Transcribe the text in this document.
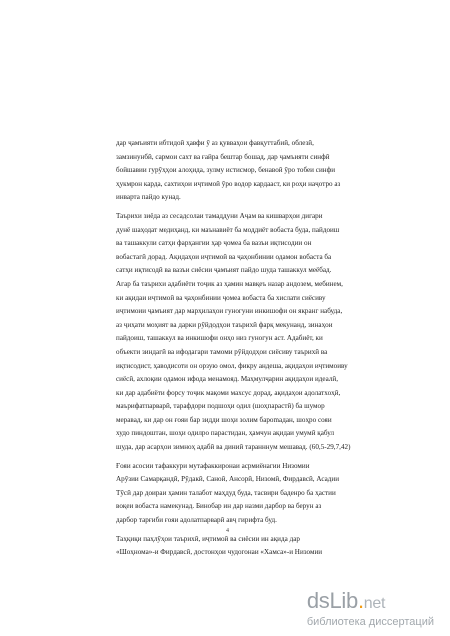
дар ҷамъияти ибтидоӣ ҳавфи ӯ аз қувваҳои фавқуттабиӣ, облезӣ,
замзинунбӣ, сармои сахт ва ғайра бештар бошад, дар ҷамъияти синфӣ
бойшавии гурӯҳҳои алоҳида, зулму истисмор, бенавоӣ ӯро тобеи синфи
ҳукмрон карда, сахтиҳои иҷтимоӣ ӯро водор кардааст, ки роҳи наҷотро аз
инварта пайдо кунад.
Таърихи зиёда аз сесадсолаи тамаддуни Аҷам ва кишварҳои дигари
дунё шаҳодат медиҳанд, ки маънавиёт ба моддиёт вобаста буда, пайдоиш
ва ташаккули сатҳи фарҳангии ҳар ҷомеа ба вазъи иқтисодии он
вобастагӣ дорад. Ақидаҳои иҷтимоӣ ва ҷаҳонбинии одамон вобаста ба
сатҳи иқтисодӣ ва вазъи сиёсии ҷамъият пайдо шуда ташаккул меёбад.
Агар ба таърихи адабиёти тоҷик аз ҳамин мавқеъ назар андозем, мебинем,
ки ақидаи иҷтимоӣ ва ҷаҳонбинии ҷомеа вобаста ба хислати сиёсиву
иҷтимоии ҷамъият дар марҳилаҳои гуногуни инкишофи он якранг набуда,
аз ҷиҳати моҳият ва дарки рӯйдодҳои таърихӣ фарқ мекунанд, зинаҳои
пайдоиш, ташаккул ва инкишофи онҳо низ гуногун аст. Адабиёт, ки
объекти зиндагӣ ва ифодагари тамоми рӯйдодҳои сиёсиву таърихӣ ва
иқтисодист, ҳаводисоти он орзую омол, фикру андеша, ақидаҳои иҷтимоиву
сиёсӣ, ахлоқии одамон ифода менамояд. Маҳмулҷарин ақидаҳои идеалӣ,
ки дар адабиёти форсу тоҷик мақоми махсус дорад, ақидаҳои адолатхоҳӣ,
маърифатпарварӣ, тарафдори подшоҳи одил (шоҳпарастӣ) ба шумор
меравад, ки дар он ғояи бар зидди шоҳи золим бароmадан, шоҳро сояи
худо пиндоштан, шоҳи одилро парастидан, ҳамчун ақидаи умумӣ қабул
шуда, дар асарҳои зимноҳ адабӣ ва диниӣ таранннум мешавад. (60,5-29,7,42)
Ғояи асосии тафаккури мутафаккиронаи асрмиёнагии Низомии
Арӯзии Самарқандӣ, Рӯдакӣ, Саноӣ, Ансорӣ, Низомӣ, Фирдавсӣ, Асадии
Тӯсӣ дар доираи ҳамин талабот маҳдуд буда, тасвири баденро ба ҳастии
воқеи вобаста намекунад. Бинобар ин дар назми дарбор ва берун аз
дарбор тарғиби ғояи адолатпарварӣ авҷ гирифта буд.
Таҳқиқи паҳлӯҳои таърихӣ, иҷтимоӣ ва сиёсии ин ақида дар
«Шоҳнома»-и Фирдавсӣ, достонҳои чудогонаи «Хамса»-и Низомии
4
dsLib.net
библиотека диссертаций
